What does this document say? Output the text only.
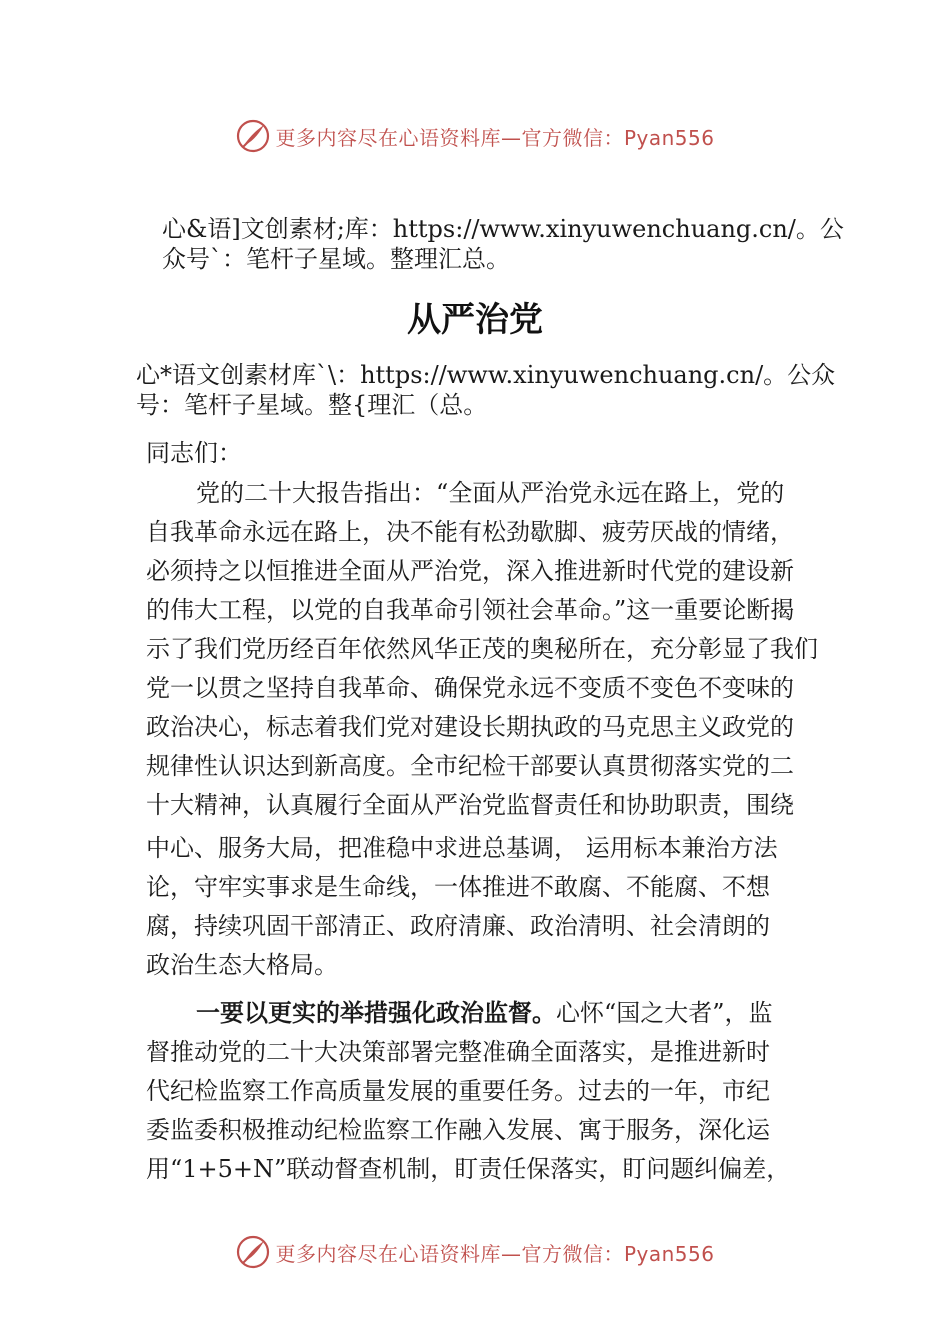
更多内容尽在心语资料库—官方微信：Pyan556
心&语]文创素材;库：https://www.xinyuwenchuang.cn/。公
众号`：笔杆子星域。整理汇总。
从严治党
心*语文创素材库`\：https://www.xinyuwenchuang.cn/。公众
号：笔杆子星域。整{理汇（总。
同志们：
党的二十大报告指出：“全面从严治党永远在路上，党的
自我革命永远在路上，决不能有松劲歇脚、疲劳厌战的情绪，
必须持之以恒推进全面从严治党，深入推进新时代党的建设新
的伟大工程，以党的自我革命引领社会革命。”这一重要论断揭
示了我们党历经百年依然风华正茂的奥秘所在，充分彰显了我们
党一以贯之坚持自我革命、确保党永远不变质不变色不变味的
政治决心，标志着我们党对建设长期执政的马克思主义政党的
规律性认识达到新高度。全市纪检干部要认真贯彻落实党的二
十大精神，认真履行全面从严治党监督责任和协助职责，围绕
中心、服务大局，把准稳中求进总基调， 运用标本兼治方法
论，守牢实事求是生命线，一体推进不敢腐、不能腐、不想
腐，持续巩固干部清正、政府清廉、政治清明、社会清朗的
政治生态大格局。
一要以更实的举措强化政治监督。心怀“国之大者”，监
督推动党的二十大决策部署完整准确全面落实，是推进新时
代纪检监察工作高质量发展的重要任务。过去的一年，市纪
委监委积极推动纪检监察工作融入发展、寓于服务，深化运
用“1+5+N”联动督查机制，盯责任保落实，盯问题纠偏差，
更多内容尽在心语资料库—官方微信：Pyan556
